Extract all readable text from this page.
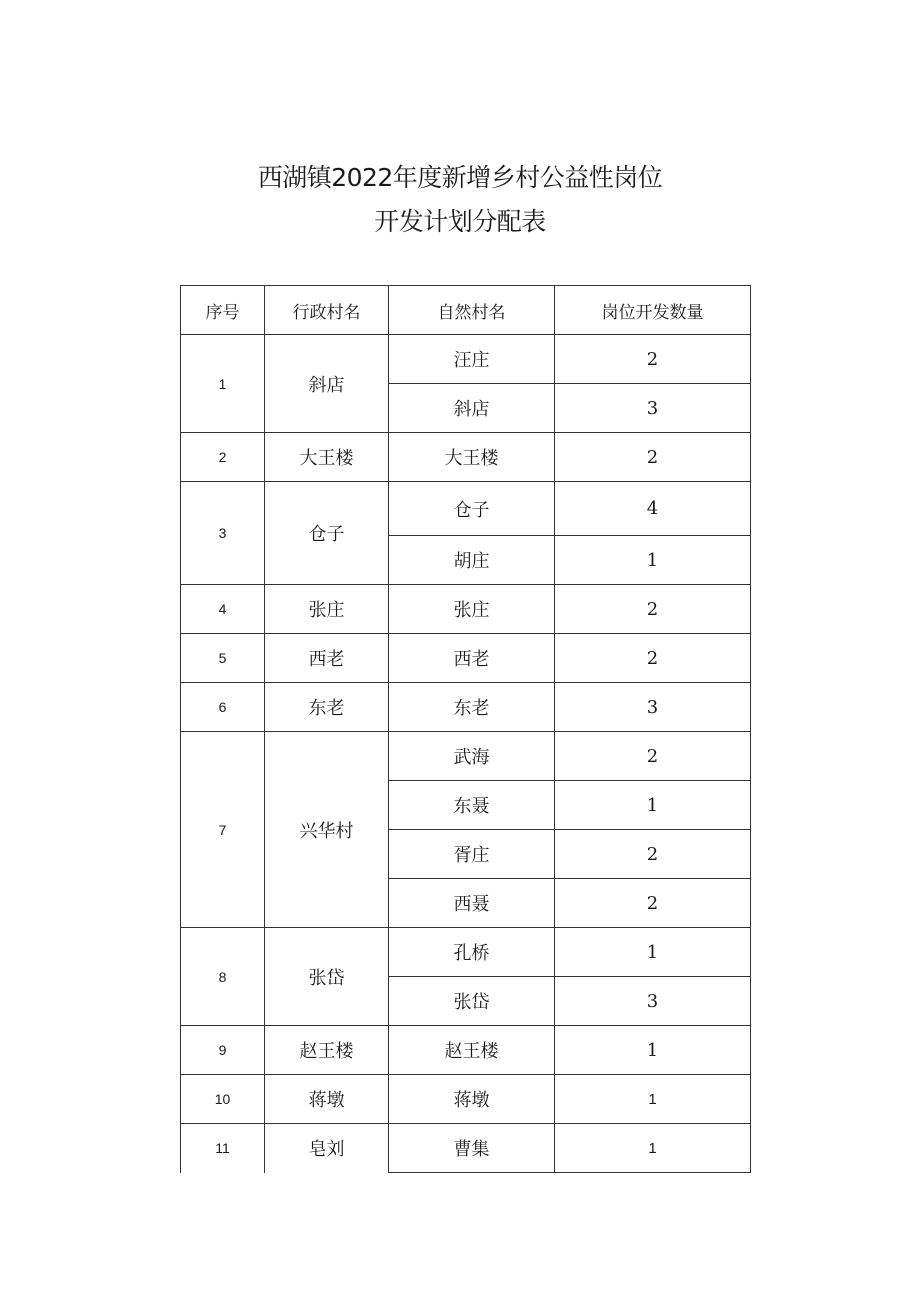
西湖镇2022年度新增乡村公益性岗位
开发计划分配表
序号	行政村名	自然村名	岗位开发数量
1	斜店	汪庄	2
		斜店	3
2	大王楼	大王楼	2
3	仓子	仓子	4
		胡庄	1
4	张庄	张庄	2
5	西老	西老	2
6	东老	东老	3
7	兴华村	武海	2
		东聂	1
		胥庄	2
		西聂	2
8	张岱	孔桥	1
		张岱	3
9	赵王楼	赵王楼	1
10	蒋墩	蒋墩	1
11	皂刘	曹集	1
